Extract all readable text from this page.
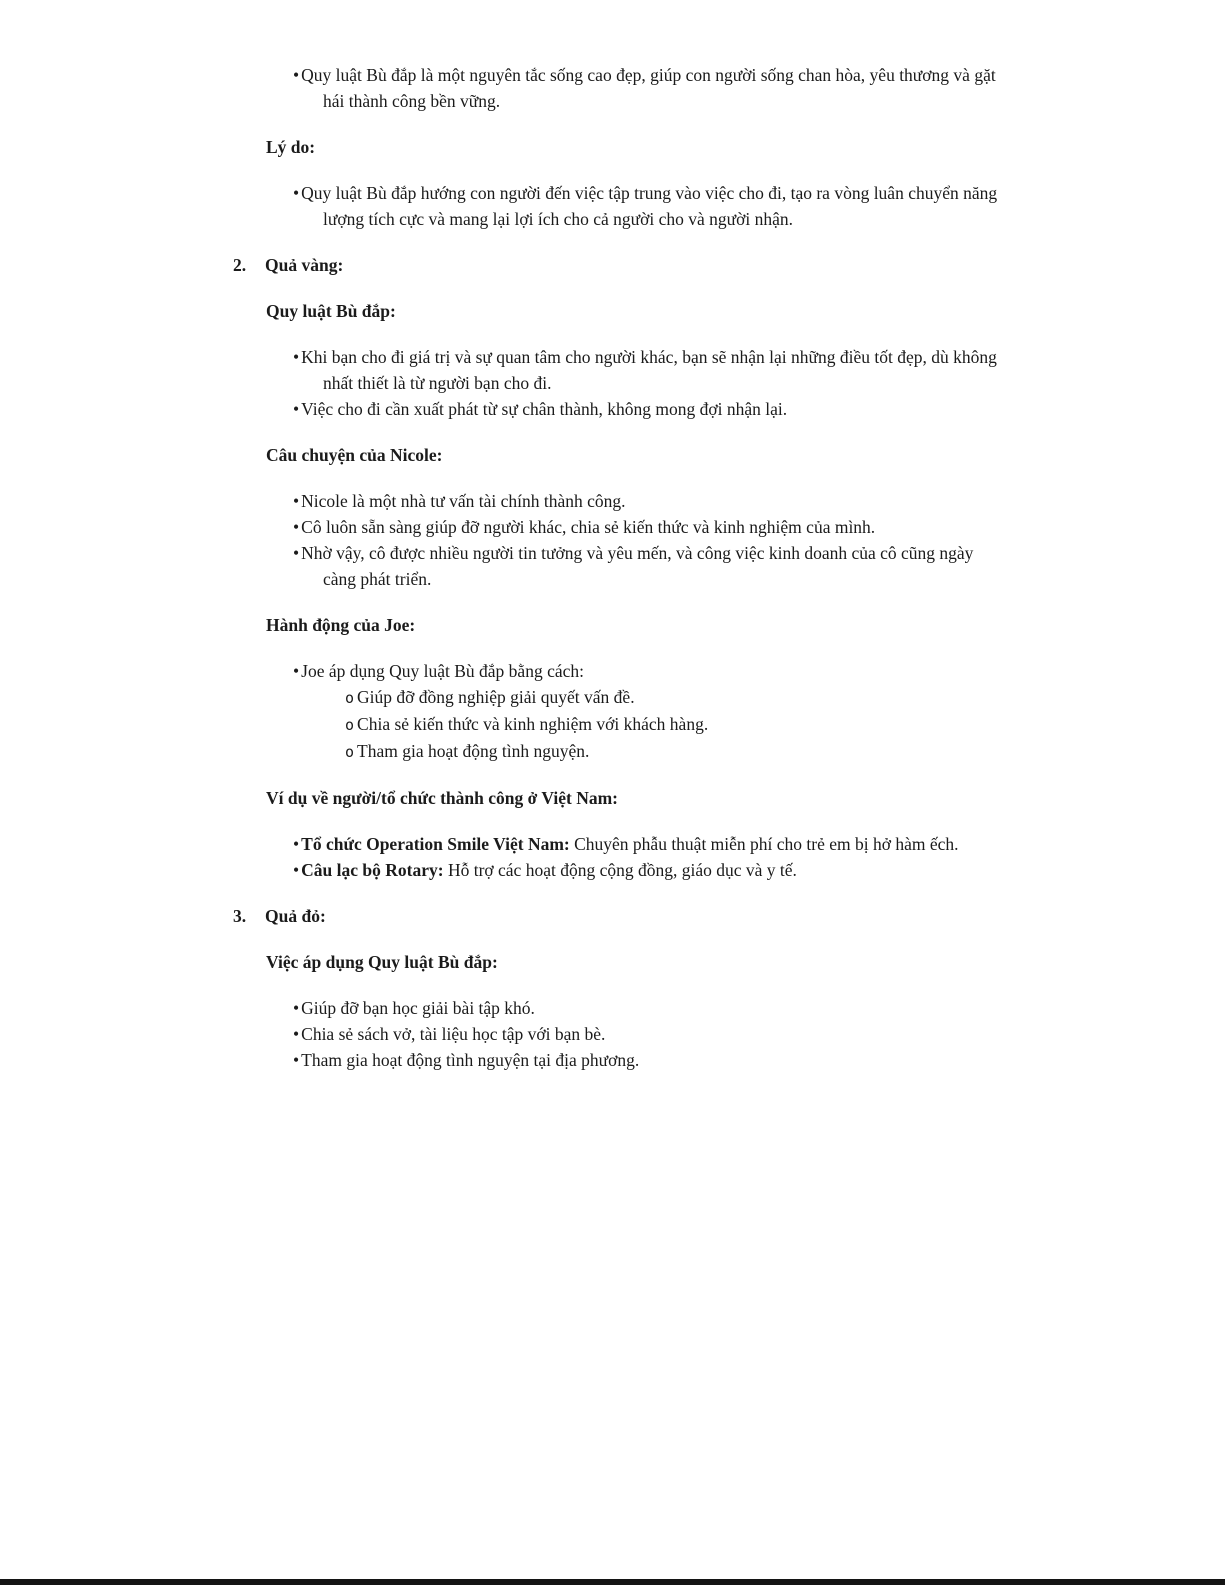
• Quy luật Bù đắp là một nguyên tắc sống cao đẹp, giúp con người sống chan hòa, yêu thương và gặt hái thành công bền vững.

Lý do:

• Quy luật Bù đắp hướng con người đến việc tập trung vào việc cho đi, tạo ra vòng luân chuyển năng lượng tích cực và mang lại lợi ích cho cả người cho và người nhận.

2. Quả vàng:

Quy luật Bù đắp:

• Khi bạn cho đi giá trị và sự quan tâm cho người khác, bạn sẽ nhận lại những điều tốt đẹp, dù không nhất thiết là từ người bạn cho đi.
• Việc cho đi cần xuất phát từ sự chân thành, không mong đợi nhận lại.

Câu chuyện của Nicole:

• Nicole là một nhà tư vấn tài chính thành công.
• Cô luôn sẵn sàng giúp đỡ người khác, chia sẻ kiến thức và kinh nghiệm của mình.
• Nhờ vậy, cô được nhiều người tin tưởng và yêu mến, và công việc kinh doanh của cô cũng ngày càng phát triển.

Hành động của Joe:

• Joe áp dụng Quy luật Bù đắp bằng cách:
o Giúp đỡ đồng nghiệp giải quyết vấn đề.
o Chia sẻ kiến thức và kinh nghiệm với khách hàng.
o Tham gia hoạt động tình nguyện.

Ví dụ về người/tổ chức thành công ở Việt Nam:

• Tổ chức Operation Smile Việt Nam: Chuyên phẫu thuật miễn phí cho trẻ em bị hở hàm ếch.
• Câu lạc bộ Rotary: Hỗ trợ các hoạt động cộng đồng, giáo dục và y tế.

3. Quả đỏ:

Việc áp dụng Quy luật Bù đắp:

• Giúp đỡ bạn học giải bài tập khó.
• Chia sẻ sách vở, tài liệu học tập với bạn bè.
• Tham gia hoạt động tình nguyện tại địa phương.
